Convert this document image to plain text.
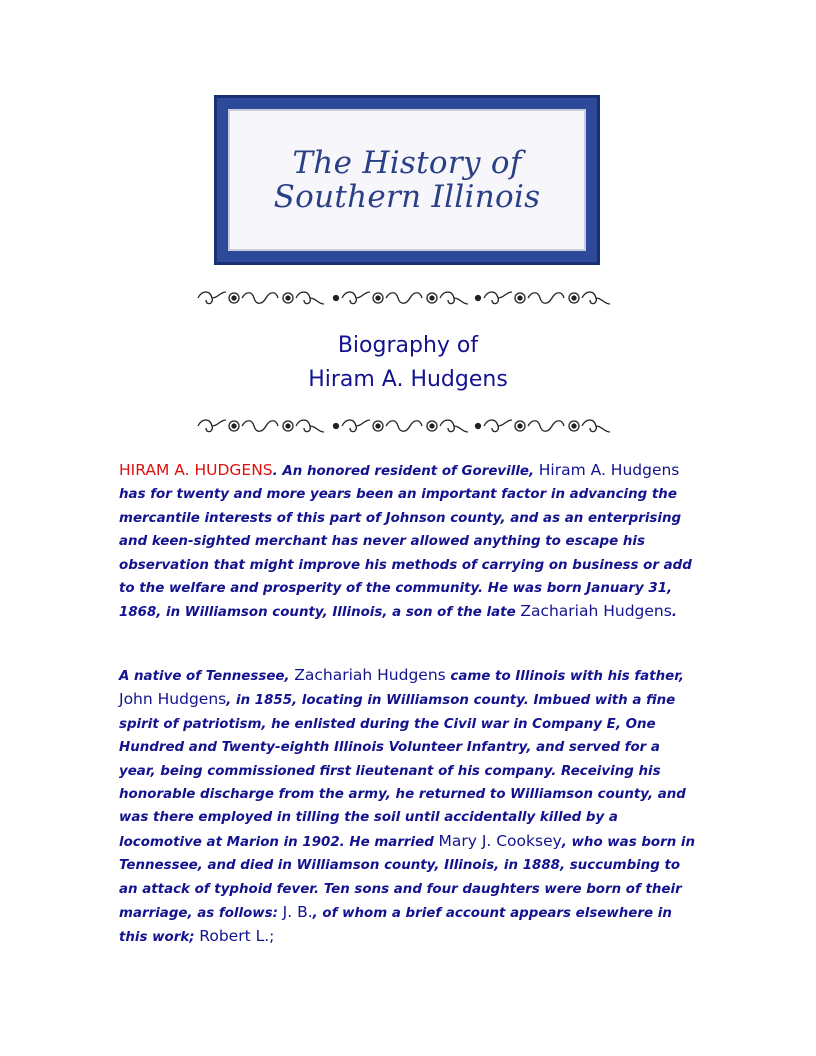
The History of
Southern Illinois
Biography of
Hiram A. Hudgens

HIRAM A. HUDGENS. An honored resident of Goreville, Hiram A. Hudgens has for twenty and more years been an important factor in advancing the mercantile interests of this part of Johnson county, and as an enterprising and keen-sighted merchant has never allowed anything to escape his observation that might improve his methods of carrying on business or add to the welfare and prosperity of the community. He was born January 31, 1868, in Williamson county, Illinois, a son of the late Zachariah Hudgens.

A native of Tennessee, Zachariah Hudgens came to Illinois with his father, John Hudgens, in 1855, locating in Williamson county. Imbued with a fine spirit of patriotism, he enlisted during the Civil war in Company E, One Hundred and Twenty-eighth Illinois Volunteer Infantry, and served for a year, being commissioned first lieutenant of his company. Receiving his honorable discharge from the army, he returned to Williamson county, and was there employed in tilling the soil until accidentally killed by a locomotive at Marion in 1902. He married Mary J. Cooksey, who was born in Tennessee, and died in Williamson county, Illinois, in 1888, succumbing to an attack of typhoid fever. Ten sons and four daughters were born of their marriage, as follows: J. B., of whom a brief account appears elsewhere in this work; Robert L.;
